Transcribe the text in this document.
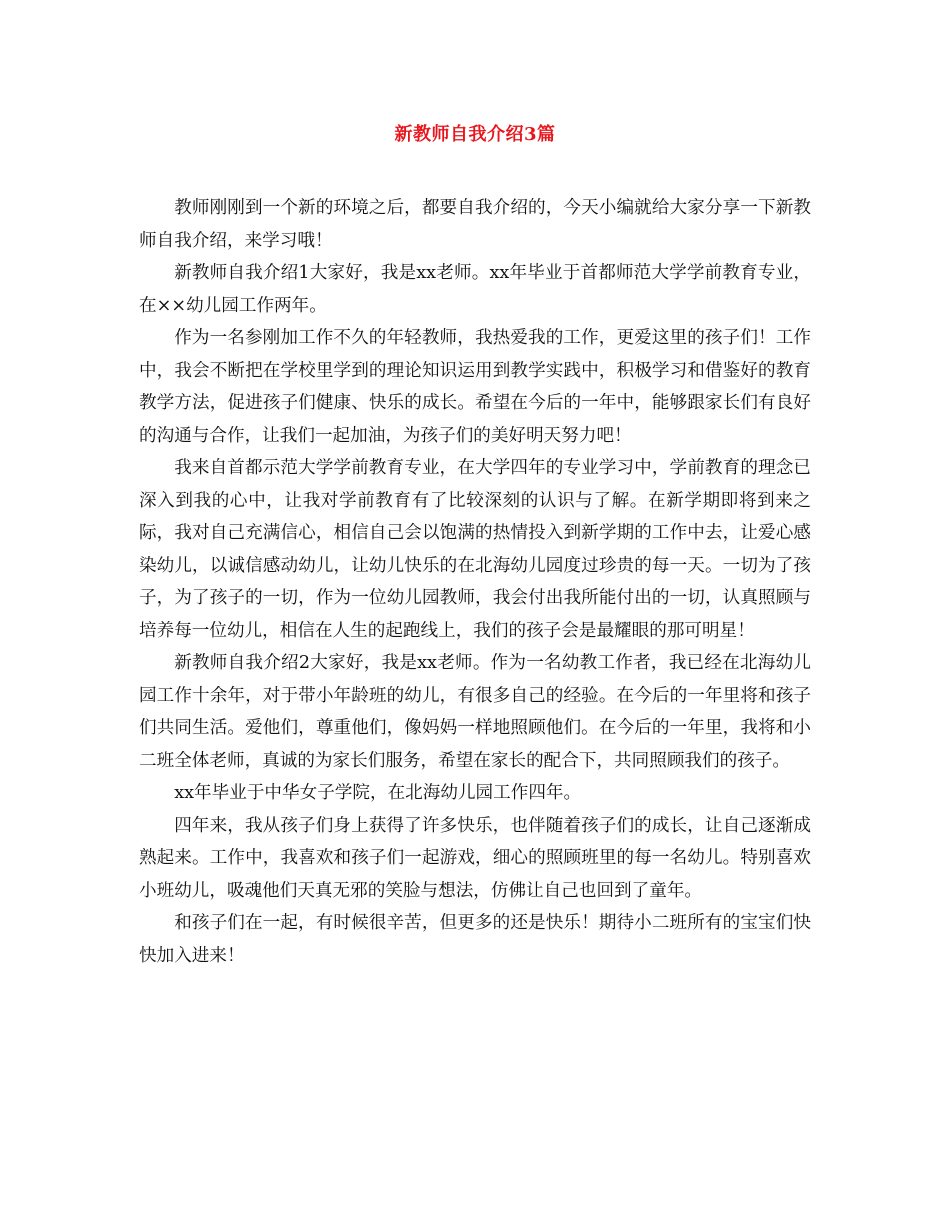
新教师自我介绍3篇

教师刚刚到一个新的环境之后，都要自我介绍的，今天小编就给大家分享一下新教师自我介绍，来学习哦！

新教师自我介绍1大家好，我是xx老师。xx年毕业于首都师范大学学前教育专业，在××幼儿园工作两年。

作为一名参刚加工作不久的年轻教师，我热爱我的工作，更爱这里的孩子们！工作中，我会不断把在学校里学到的理论知识运用到教学实践中，积极学习和借鉴好的教育教学方法，促进孩子们健康、快乐的成长。希望在今后的一年中，能够跟家长们有良好的沟通与合作，让我们一起加油，为孩子们的美好明天努力吧！

我来自首都示范大学学前教育专业，在大学四年的专业学习中，学前教育的理念已深入到我的心中，让我对学前教育有了比较深刻的认识与了解。在新学期即将到来之际，我对自己充满信心，相信自己会以饱满的热情投入到新学期的工作中去，让爱心感染幼儿，以诚信感动幼儿，让幼儿快乐的在北海幼儿园度过珍贵的每一天。一切为了孩子，为了孩子的一切，作为一位幼儿园教师，我会付出我所能付出的一切，认真照顾与培养每一位幼儿，相信在人生的起跑线上，我们的孩子会是最耀眼的那可明星！

新教师自我介绍2大家好，我是xx老师。作为一名幼教工作者，我已经在北海幼儿园工作十余年，对于带小年龄班的幼儿，有很多自己的经验。在今后的一年里将和孩子们共同生活。爱他们，尊重他们，像妈妈一样地照顾他们。在今后的一年里，我将和小二班全体老师，真诚的为家长们服务，希望在家长的配合下，共同照顾我们的孩子。

xx年毕业于中华女子学院，在北海幼儿园工作四年。

四年来，我从孩子们身上获得了许多快乐，也伴随着孩子们的成长，让自己逐渐成熟起来。工作中，我喜欢和孩子们一起游戏，细心的照顾班里的每一名幼儿。特别喜欢小班幼儿，吸魂他们天真无邪的笑脸与想法，仿佛让自己也回到了童年。

和孩子们在一起，有时候很辛苦，但更多的还是快乐！期待小二班所有的宝宝们快快加入进来！
